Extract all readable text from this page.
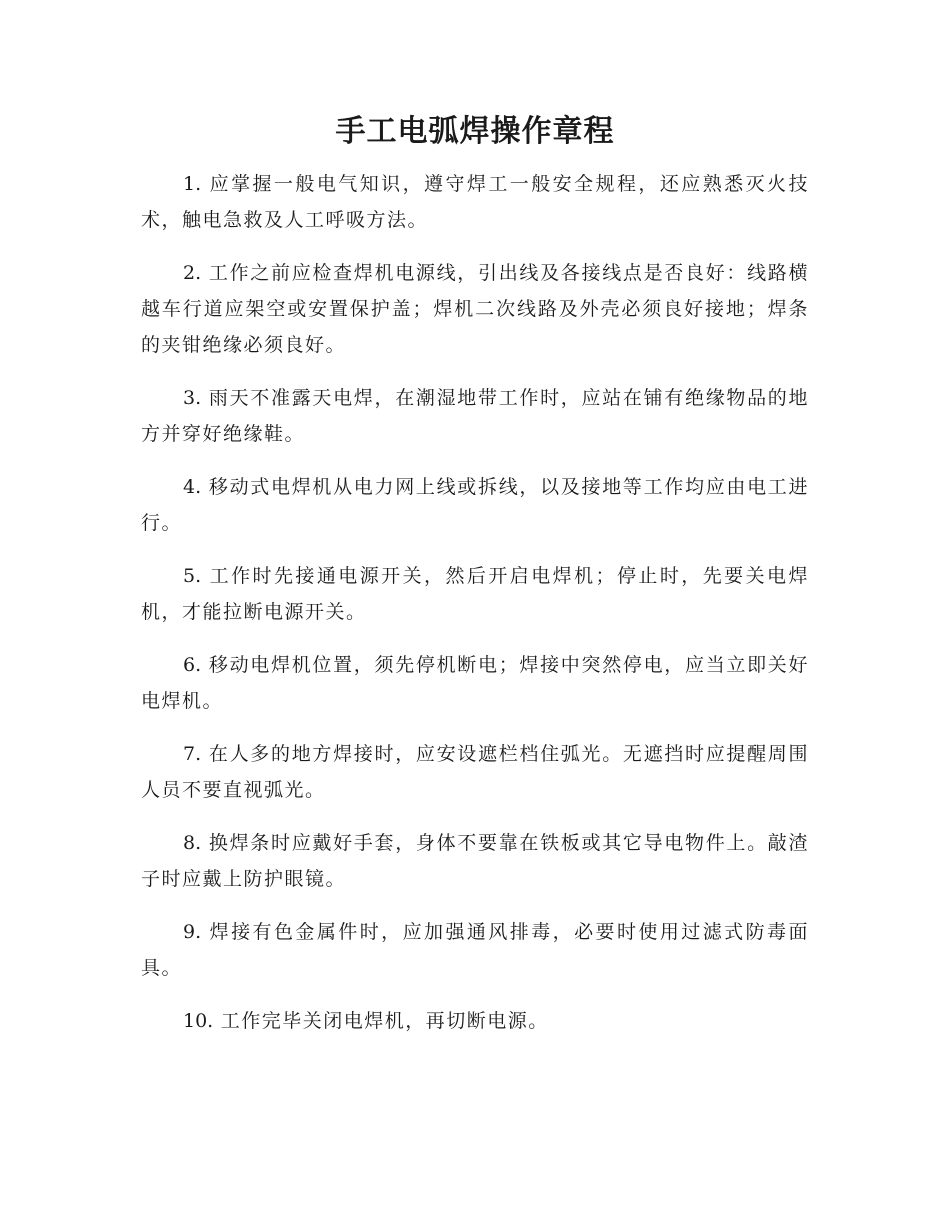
手工电弧焊操作章程

1. 应掌握一般电气知识，遵守焊工一般安全规程，还应熟悉灭火技术，触电急救及人工呼吸方法。

2. 工作之前应检查焊机电源线，引出线及各接线点是否良好：线路横越车行道应架空或安置保护盖；焊机二次线路及外壳必须良好接地；焊条的夹钳绝缘必须良好。

3. 雨天不准露天电焊，在潮湿地带工作时，应站在铺有绝缘物品的地方并穿好绝缘鞋。

4. 移动式电焊机从电力网上线或拆线，以及接地等工作均应由电工进行。

5. 工作时先接通电源开关，然后开启电焊机；停止时，先要关电焊机，才能拉断电源开关。

6. 移动电焊机位置，须先停机断电；焊接中突然停电，应当立即关好电焊机。

7. 在人多的地方焊接时，应安设遮栏档住弧光。无遮挡时应提醒周围人员不要直视弧光。

8. 换焊条时应戴好手套，身体不要靠在铁板或其它导电物件上。敲渣子时应戴上防护眼镜。

9. 焊接有色金属件时，应加强通风排毒，必要时使用过滤式防毒面具。

10. 工作完毕关闭电焊机，再切断电源。
